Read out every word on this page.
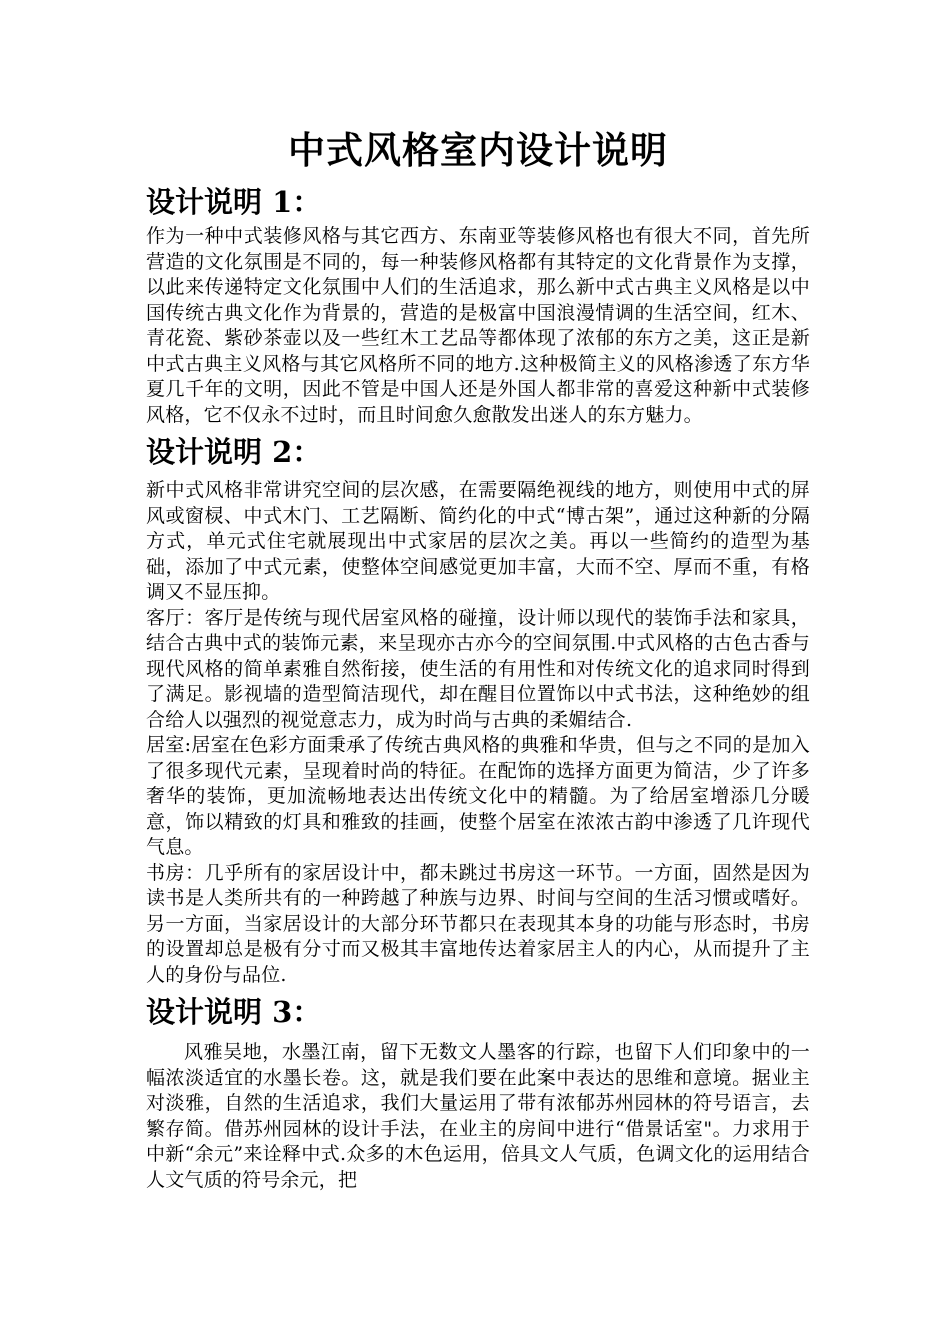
中式风格室内设计说明
设计说明 1：

作为一种中式装修风格与其它西方、东南亚等装修风格也有很大不同，首先所营造的文化氛围是不同的，每一种装修风格都有其特定的文化背景作为支撑，以此来传递特定文化氛围中人们的生活追求，那么新中式古典主义风格是以中国传统古典文化作为背景的，营造的是极富中国浪漫情调的生活空间，红木、青花瓷、紫砂茶壶以及一些红木工艺品等都体现了浓郁的东方之美，这正是新中式古典主义风格与其它风格所不同的地方.这种极简主义的风格渗透了东方华夏几千年的文明，因此不管是中国人还是外国人都非常的喜爱这种新中式装修风格，它不仅永不过时，而且时间愈久愈散发出迷人的东方魅力。

设计说明 2：

新中式风格非常讲究空间的层次感，在需要隔绝视线的地方，则使用中式的屏风或窗棂、中式木门、工艺隔断、简约化的中式“博古架”，通过这种新的分隔方式，单元式住宅就展现出中式家居的层次之美。再以一些简约的造型为基础，添加了中式元素，使整体空间感觉更加丰富，大而不空、厚而不重，有格调又不显压抑。

客厅：客厅是传统与现代居室风格的碰撞，设计师以现代的装饰手法和家具，结合古典中式的装饰元素，来呈现亦古亦今的空间氛围.中式风格的古色古香与现代风格的简单素雅自然衔接，使生活的有用性和对传统文化的追求同时得到了满足。影视墙的造型简洁现代，却在醒目位置饰以中式书法，这种绝妙的组合给人以强烈的视觉意志力，成为时尚与古典的柔媚结合.

居室:居室在色彩方面秉承了传统古典风格的典雅和华贵，但与之不同的是加入了很多现代元素，呈现着时尚的特征。在配饰的选择方面更为简洁，少了许多奢华的装饰，更加流畅地表达出传统文化中的精髓。为了给居室增添几分暖意，饰以精致的灯具和雅致的挂画，使整个居室在浓浓古韵中渗透了几许现代气息。

书房：几乎所有的家居设计中，都未跳过书房这一环节。一方面，固然是因为读书是人类所共有的一种跨越了种族与边界、时间与空间的生活习惯或嗜好。另一方面，当家居设计的大部分环节都只在表现其本身的功能与形态时，书房的设置却总是极有分寸而又极其丰富地传达着家居主人的内心，从而提升了主人的身份与品位.

设计说明 3：

风雅吴地，水墨江南，留下无数文人墨客的行踪，也留下人们印象中的一幅浓淡适宜的水墨长卷。这，就是我们要在此案中表达的思维和意境。据业主对淡雅，自然的生活追求，我们大量运用了带有浓郁苏州园林的符号语言，去繁存简。借苏州园林的设计手法，在业主的房间中进行“借景话室"。力求用于中新“余元”来诠释中式.众多的木色运用，倍具文人气质，色调文化的运用结合人文气质的符号余元，把
